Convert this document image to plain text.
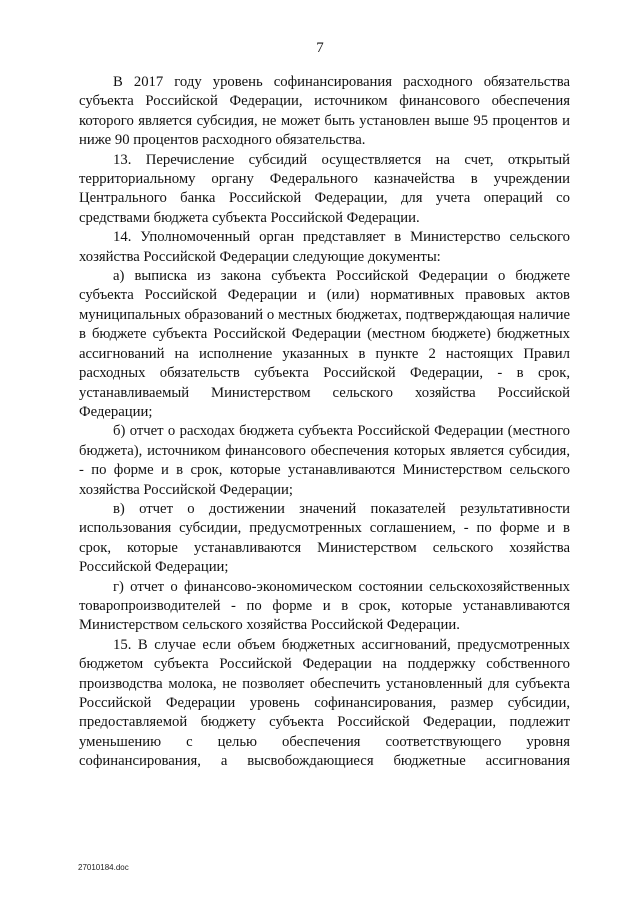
7

В 2017 году уровень софинансирования расходного обязательства субъекта Российской Федерации, источником финансового обеспечения которого является субсидия, не может быть установлен выше 95 процентов и ниже 90 процентов расходного обязательства.

13. Перечисление субсидий осуществляется на счет, открытый территориальному органу Федерального казначейства в учреждении Центрального банка Российской Федерации, для учета операций со средствами бюджета субъекта Российской Федерации.

14. Уполномоченный орган представляет в Министерство сельского хозяйства Российской Федерации следующие документы:

а) выписка из закона субъекта Российской Федерации о бюджете субъекта Российской Федерации и (или) нормативных правовых актов муниципальных образований о местных бюджетах, подтверждающая наличие в бюджете субъекта Российской Федерации (местном бюджете) бюджетных ассигнований на исполнение указанных в пункте 2 настоящих Правил расходных обязательств субъекта Российской Федерации, - в срок, устанавливаемый Министерством сельского хозяйства Российской Федерации;

б) отчет о расходах бюджета субъекта Российской Федерации (местного бюджета), источником финансового обеспечения которых является субсидия, - по форме и в срок, которые устанавливаются Министерством сельского хозяйства Российской Федерации;

в) отчет о достижении значений показателей результативности использования субсидии, предусмотренных соглашением, - по форме и в срок, которые устанавливаются Министерством сельского хозяйства Российской Федерации;

г) отчет о финансово-экономическом состоянии сельскохозяйственных товаропроизводителей - по форме и в срок, которые устанавливаются Министерством сельского хозяйства Российской Федерации.

15. В случае если объем бюджетных ассигнований, предусмотренных бюджетом субъекта Российской Федерации на поддержку собственного производства молока, не позволяет обеспечить установленный для субъекта Российской Федерации уровень софинансирования, размер субсидии, предоставляемой бюджету субъекта Российской Федерации, подлежит уменьшению с целью обеспечения соответствующего уровня софинансирования, а высвобождающиеся бюджетные ассигнования

27010184.doc
